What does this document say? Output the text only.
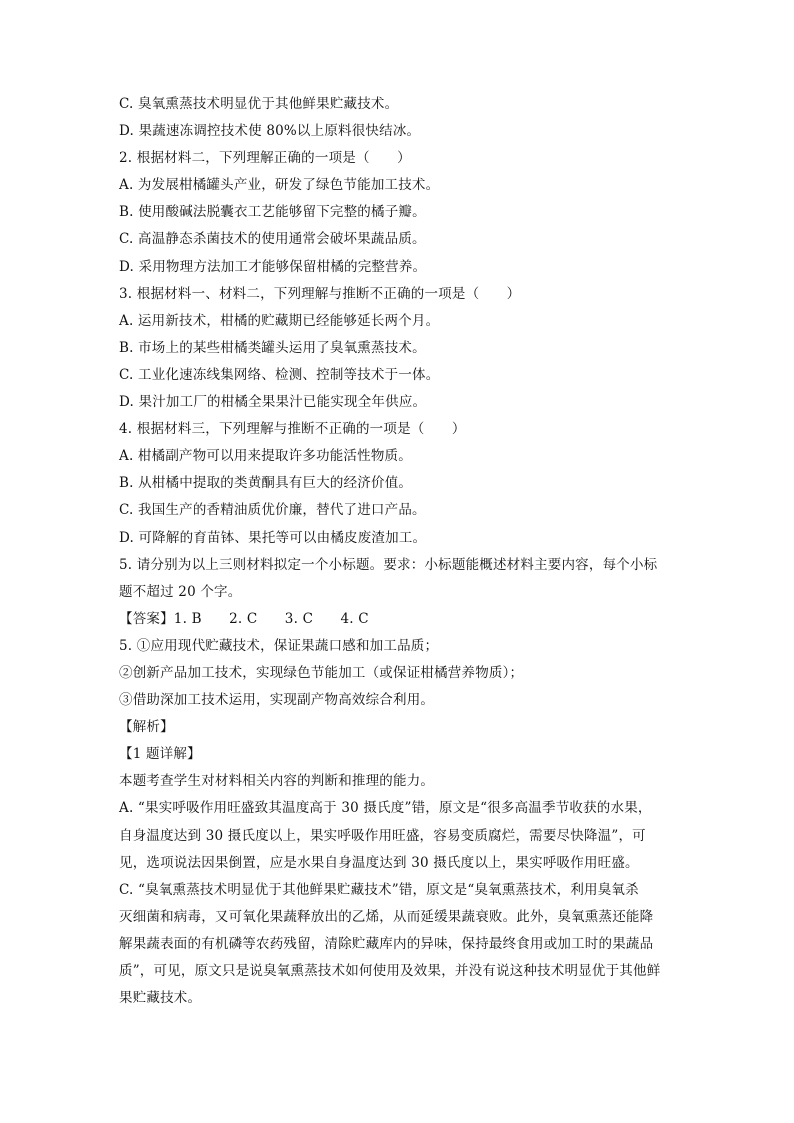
C. 臭氧熏蒸技术明显优于其他鲜果贮藏技术。
D. 果蔬速冻调控技术使 80%以上原料很快结冰。
2. 根据材料二，下列理解正确的一项是（　　）
A. 为发展柑橘罐头产业，研发了绿色节能加工技术。
B. 使用酸碱法脱囊衣工艺能够留下完整的橘子瓣。
C. 高温静态杀菌技术的使用通常会破坏果蔬品质。
D. 采用物理方法加工才能够保留柑橘的完整营养。
3. 根据材料一、材料二，下列理解与推断不正确的一项是（　　）
A. 运用新技术，柑橘的贮藏期已经能够延长两个月。
B. 市场上的某些柑橘类罐头运用了臭氧熏蒸技术。
C. 工业化速冻线集网络、检测、控制等技术于一体。
D. 果汁加工厂的柑橘全果果汁已能实现全年供应。
4. 根据材料三，下列理解与推断不正确的一项是（　　）
A. 柑橘副产物可以用来提取许多功能活性物质。
B. 从柑橘中提取的类黄酮具有巨大的经济价值。
C. 我国生产的香精油质优价廉，替代了进口产品。
D. 可降解的育苗钵、果托等可以由橘皮废渣加工。
5. 请分别为以上三则材料拟定一个小标题。要求：小标题能概述材料主要内容，每个小标
题不超过 20 个字。
【答案】1. B　　2. C　　3. C　　4. C
5. ①应用现代贮藏技术，保证果蔬口感和加工品质；
②创新产品加工技术，实现绿色节能加工（或保证柑橘营养物质）；
③借助深加工技术运用，实现副产物高效综合利用。
【解析】
【1 题详解】
本题考查学生对材料相关内容的判断和推理的能力。
A. “果实呼吸作用旺盛致其温度高于 30 摄氏度”错，原文是“很多高温季节收获的水果，
自身温度达到 30 摄氏度以上，果实呼吸作用旺盛，容易变质腐烂，需要尽快降温”，可
见，选项说法因果倒置，应是水果自身温度达到 30 摄氏度以上，果实呼吸作用旺盛。
C. “臭氧熏蒸技术明显优于其他鲜果贮藏技术”错，原文是“臭氧熏蒸技术，利用臭氧杀
灭细菌和病毒，又可氧化果蔬释放出的乙烯，从而延缓果蔬衰败。此外，臭氧熏蒸还能降
解果蔬表面的有机磷等农药残留，清除贮藏库内的异味，保持最终食用或加工时的果蔬品
质”，可见，原文只是说臭氧熏蒸技术如何使用及效果，并没有说这种技术明显优于其他鲜
果贮藏技术。
